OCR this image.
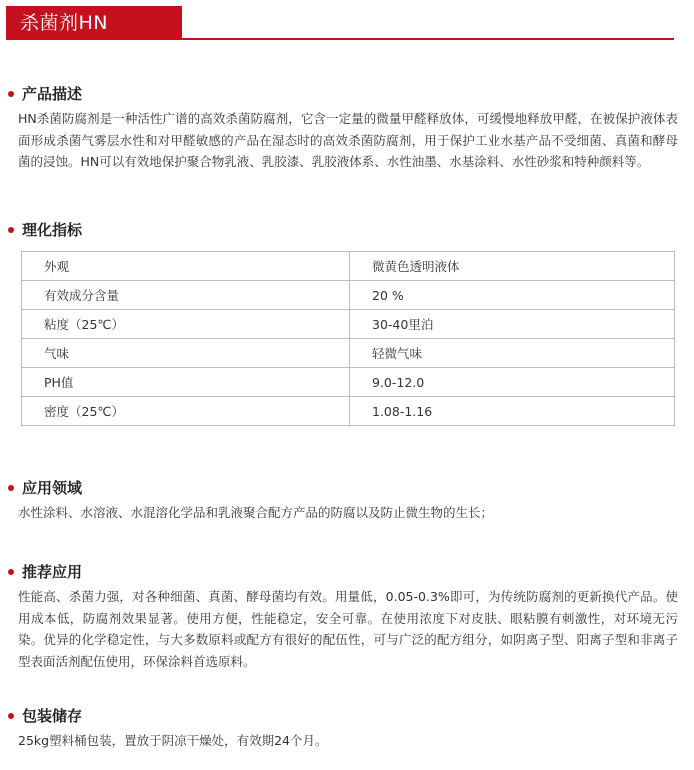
杀菌剂HN
产品描述

HN杀菌防腐剂是一种活性广谱的高效杀菌防腐剂，它含一定量的微量甲醛释放体，可缓慢地释放甲醛，在被保护液体表面形成杀菌气雾层水性和对甲醛敏感的产品在湿态时的高效杀菌防腐剂，用于保护工业水基产品不受细菌、真菌和酵母菌的浸蚀。HN可以有效地保护聚合物乳液、乳胶漆、乳胶液体系、水性油墨、水基涂料、水性砂浆和特种颜料等。

理化指标
外观	微黄色透明液体
有效成分含量	20 %
粘度（25℃）	30-40里泊
气味	轻微气味
PH值	9.0-12.0
密度（25℃）	1.08-1.16
应用领域

水性涂料、水溶液、水混溶化学品和乳液聚合配方产品的防腐以及防止微生物的生长；

推荐应用

性能高、杀菌力强，对各种细菌、真菌、酵母菌均有效。用量低，0.05-0.3%即可，为传统防腐剂的更新换代产品。使用成本低，防腐剂效果显著。使用方便，性能稳定，安全可靠。在使用浓度下对皮肤、眼粘膜有刺激性，对环境无污染。优异的化学稳定性，与大多数原料或配方有很好的配伍性，可与广泛的配方组分，如阴离子型、阳离子型和非离子型表面活剂配伍使用，环保涂料首选原料。

包装储存

25kg塑料桶包装，置放于阴凉干燥处，有效期24个月。
